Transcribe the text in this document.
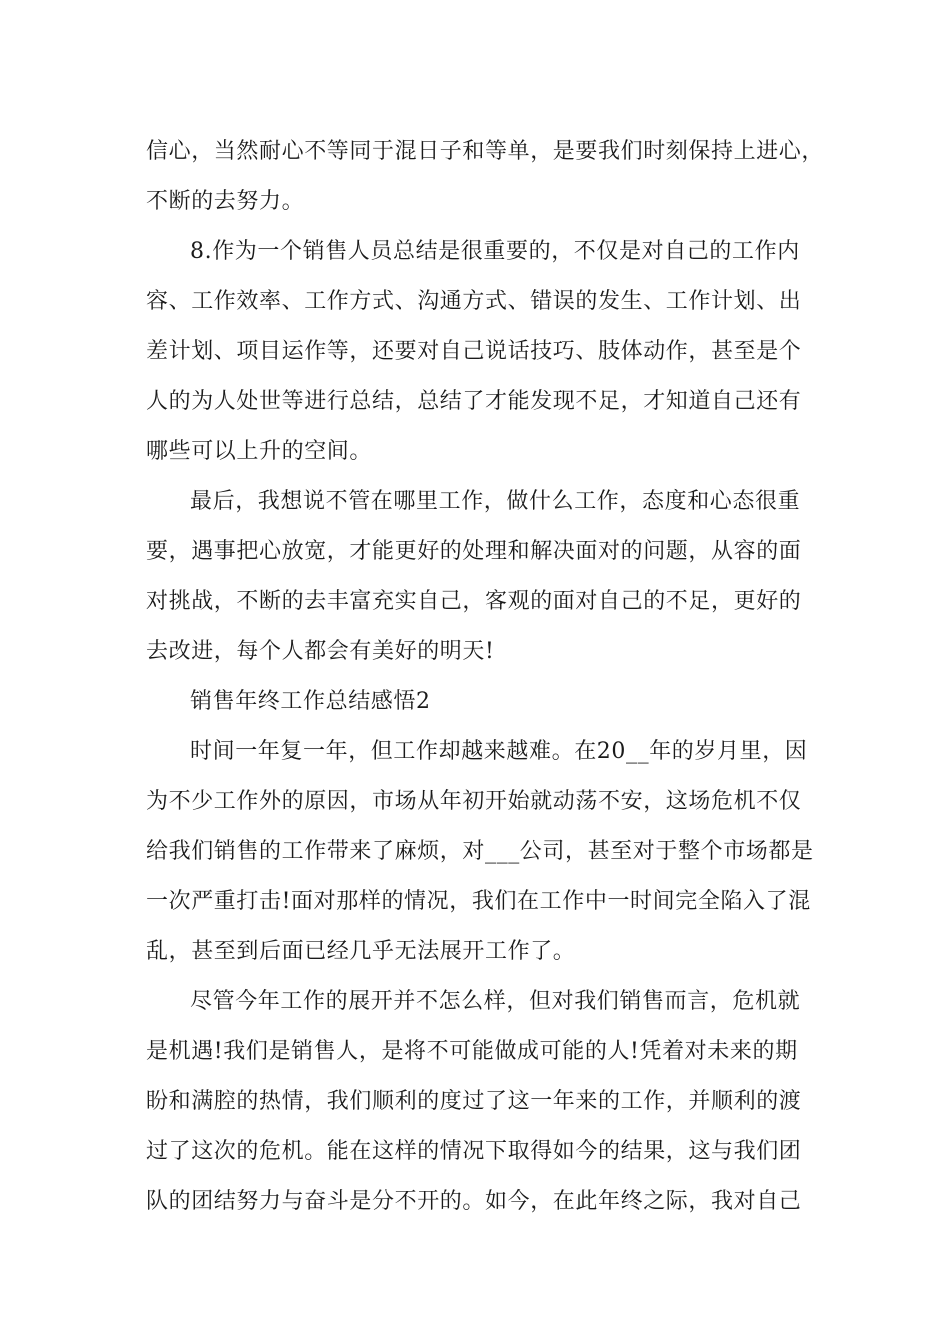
信心，当然耐心不等同于混日子和等单，是要我们时刻保持上进心，
不断的去努力。
8.作为一个销售人员总结是很重要的，不仅是对自己的工作内
容、工作效率、工作方式、沟通方式、错误的发生、工作计划、出
差计划、项目运作等，还要对自己说话技巧、肢体动作，甚至是个
人的为人处世等进行总结，总结了才能发现不足，才知道自己还有
哪些可以上升的空间。
最后，我想说不管在哪里工作，做什么工作，态度和心态很重
要，遇事把心放宽，才能更好的处理和解决面对的问题，从容的面
对挑战，不断的去丰富充实自己，客观的面对自己的不足，更好的
去改进，每个人都会有美好的明天!
销售年终工作总结感悟2
时间一年复一年，但工作却越来越难。在20__年的岁月里，因
为不少工作外的原因，市场从年初开始就动荡不安，这场危机不仅
给我们销售的工作带来了麻烦，对___公司，甚至对于整个市场都是
一次严重打击!面对那样的情况，我们在工作中一时间完全陷入了混
乱，甚至到后面已经几乎无法展开工作了。
尽管今年工作的展开并不怎么样，但对我们销售而言，危机就
是机遇!我们是销售人，是将不可能做成可能的人!凭着对未来的期
盼和满腔的热情，我们顺利的度过了这一年来的工作，并顺利的渡
过了这次的危机。能在这样的情况下取得如今的结果，这与我们团
队的团结努力与奋斗是分不开的。如今，在此年终之际，我对自己
